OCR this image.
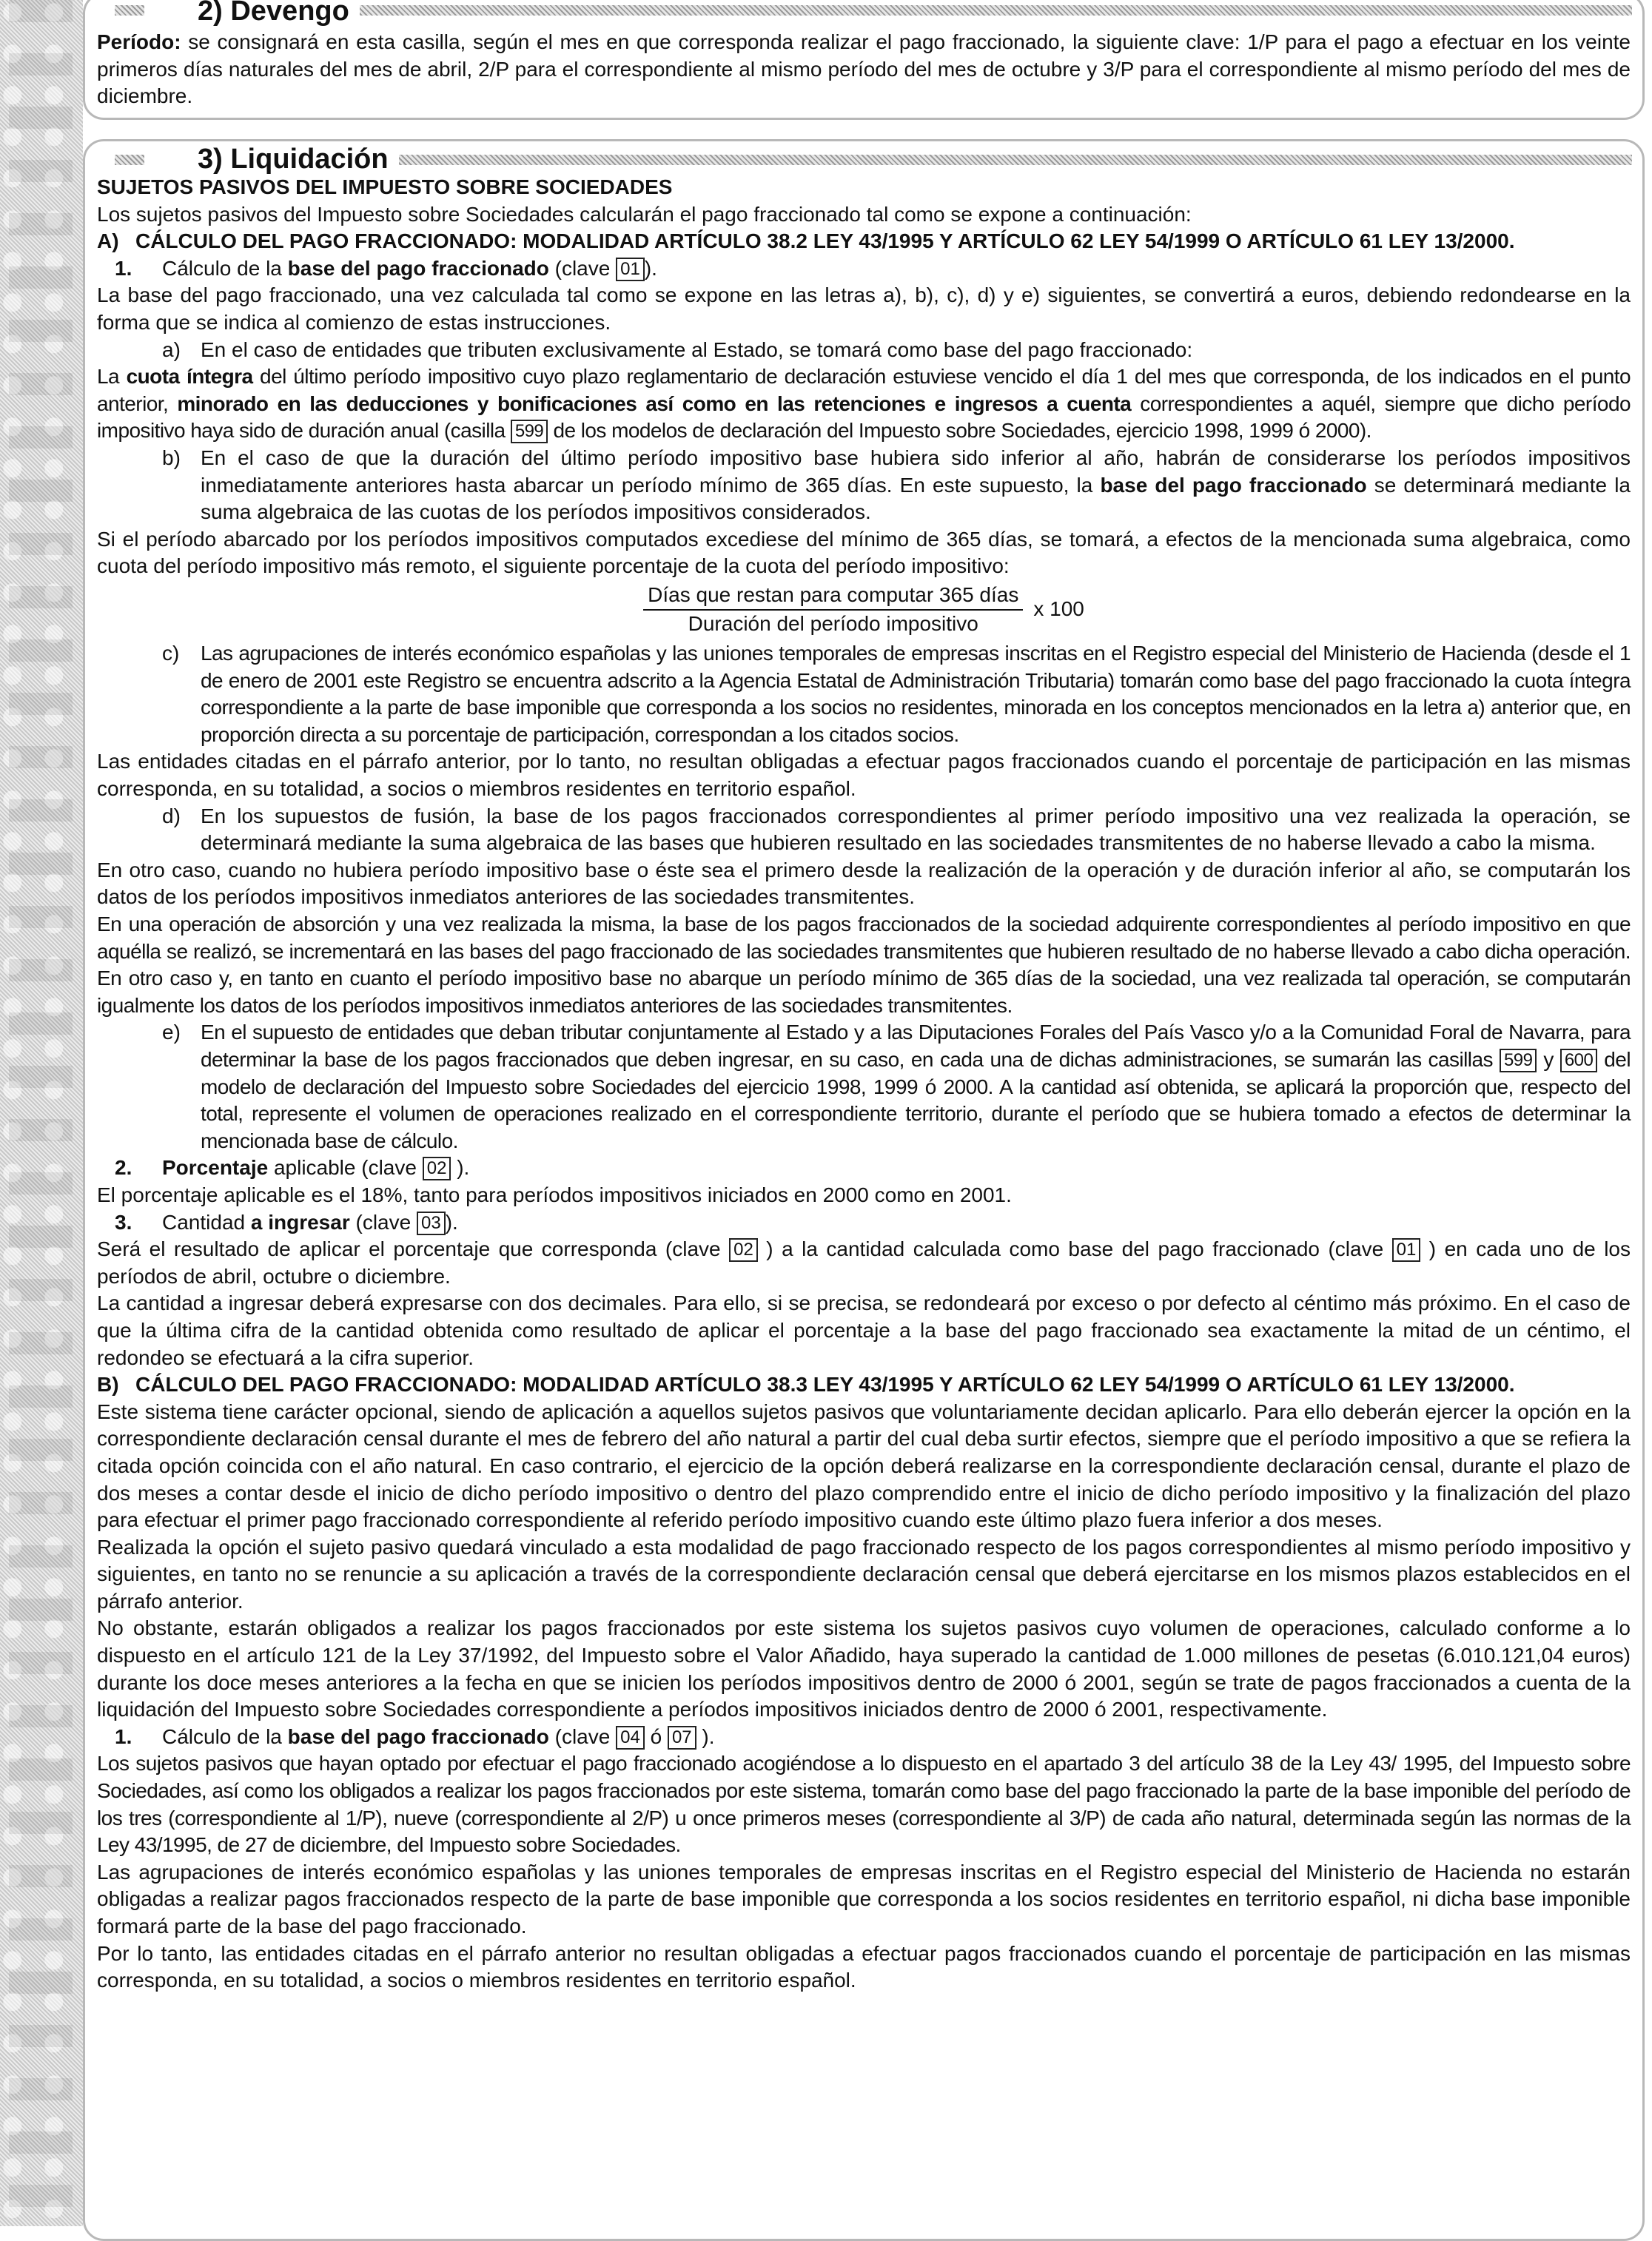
2) Devengo

Período: se consignará en esta casilla, según el mes en que corresponda realizar el pago fraccionado, la siguiente clave: 1/P para el pago a efectuar en los veinte primeros días naturales del mes de abril, 2/P para el correspondiente al mismo período del mes de octubre y 3/P para el correspondiente al mismo período del mes de diciembre.

3) Liquidación

SUJETOS PASIVOS DEL IMPUESTO SOBRE SOCIEDADES

Los sujetos pasivos del Impuesto sobre Sociedades calcularán el pago fraccionado tal como se expone a continuación:

A) CÁLCULO DEL PAGO FRACCIONADO: MODALIDAD ARTÍCULO 38.2 LEY 43/1995 Y ARTÍCULO 62 LEY 54/1999 O ARTÍCULO 61 LEY 13/2000.
1.	Cálculo de la base del pago fraccionado (clave 01 ).

La base del pago fraccionado, una vez calculada tal como se expone en las letras a), b), c), d) y e) siguientes, se convertirá a euros, debiendo redondearse en la forma que se indica al comienzo de estas instrucciones.

a) En el caso de entidades que tributen exclusivamente al Estado, se tomará como base del pago fraccionado:

La cuota íntegra del último período impositivo cuyo plazo reglamentario de declaración estuviese vencido el día 1 del mes que corresponda, de los indicados en el punto anterior, minorado en las deducciones y bonificaciones así como en las retenciones e ingresos a cuenta correspondientes a aquél, siempre que dicho período impositivo haya sido de duración anual (casilla 599 de los modelos de declaración del Impuesto sobre Sociedades, ejercicio 1998, 1999 ó 2000).

b) En el caso de que la duración del último período impositivo base hubiera sido inferior al año, habrán de considerarse los períodos impositivos inmediatamente anteriores hasta abarcar un período mínimo de 365 días. En este supuesto, la base del pago fraccionado se determinará mediante la suma algebraica de las cuotas de los períodos impositivos considerados.

Si el período abarcado por los períodos impositivos computados excediese del mínimo de 365 días, se tomará, a efectos de la mencionada suma algebraica, como cuota del período impositivo más remoto, el siguiente porcentaje de la cuota del período impositivo:

$\frac{\text{Días que restan para computar 365 días}}{\text{Duración del período impositivo}}$ x 100
c)	Las agrupaciones de interés económico españolas y las uniones temporales de empresas inscritas en el Registro especial del Ministerio de Hacienda (desde el 1 de enero de 2001 este Registro se encuentra adscrito a la Agencia Estatal de Administración Tributaria) tomarán como base del pago fraccionado la cuota íntegra correspondiente a la parte de base imponible que corresponda a los socios no residentes, minorada en los conceptos mencionados en la letra a) anterior que, en proporción directa a su porcentaje de participación, correspondan a los citados socios.

Las entidades citadas en el párrafo anterior, por lo tanto, no resultan obligadas a efectuar pagos fraccionados cuando el porcentaje de participación en las mismas corresponda, en su totalidad, a socios o miembros residentes en territorio español.

d) En los supuestos de fusión, la base de los pagos fraccionados correspondientes al primer período impositivo una vez realizada la operación, se determinará mediante la suma algebraica de las bases que hubieren resultado en las sociedades transmitentes de no haberse llevado a cabo la misma.

En otro caso, cuando no hubiera período impositivo base o éste sea el primero desde la realización de la operación y de duración inferior al año, se computarán los datos de los períodos impositivos inmediatos anteriores de las sociedades transmitentes.

En una operación de absorción y una vez realizada la misma, la base de los pagos fraccionados de la sociedad adquirente correspondientes al período impositivo en que aquélla se realizó, se incrementará en las bases del pago fraccionado de las sociedades transmitentes que hubieren resultado de no haberse llevado a cabo dicha operación. En otro caso y, en tanto en cuanto el período impositivo base no abarque un período mínimo de 365 días de la sociedad, una vez realizada tal operación, se computarán igualmente los datos de los períodos impositivos inmediatos anteriores de las sociedades transmitentes.

e) En el supuesto de entidades que deban tributar conjuntamente al Estado y a las Diputaciones Forales del País Vasco y/o a la Comunidad Foral de Navarra, para determinar la base de los pagos fraccionados que deben ingresar, en su caso, en cada una de dichas administraciones, se sumarán las casillas 599 y 600 del modelo de declaración del Impuesto sobre Sociedades del ejercicio 1998, 1999 ó 2000. A la cantidad así obtenida, se aplicará la proporción que, respecto del total, represente el volumen de operaciones realizado en el correspondiente territorio, durante el período que se hubiera tomado a efectos de determinar la mencionada base de cálculo.
2.	Porcentaje aplicable (clave 02 ).

El porcentaje aplicable es el 18%, tanto para períodos impositivos iniciados en 2000 como en 2001.

3.	Cantidad a ingresar (clave 03 ).

Será el resultado de aplicar el porcentaje que corresponda (clave 02 ) a la cantidad calculada como base del pago fraccionado (clave 01 ) en cada uno de los períodos de abril, octubre o diciembre.

La cantidad a ingresar deberá expresarse con dos decimales. Para ello, si se precisa, se redondeará por exceso o por defecto al céntimo más próximo. En el caso de que la última cifra de la cantidad obtenida como resultado de aplicar el porcentaje a la base del pago fraccionado sea exactamente la mitad de un céntimo, el redondeo se efectuará a la cifra superior.

B) CÁLCULO DEL PAGO FRACCIONADO: MODALIDAD ARTÍCULO 38.3 LEY 43/1995 Y ARTÍCULO 62 LEY 54/1999 O ARTÍCULO 61 LEY 13/2000.

Este sistema tiene carácter opcional, siendo de aplicación a aquellos sujetos pasivos que voluntariamente decidan aplicarlo. Para ello deberán ejercer la opción en la correspondiente declaración censal durante el mes de febrero del año natural a partir del cual deba surtir efectos, siempre que el período impositivo a que se refiera la citada opción coincida con el año natural. En caso contrario, el ejercicio de la opción deberá realizarse en la correspondiente declaración censal, durante el plazo de dos meses a contar desde el inicio de dicho período impositivo o dentro del plazo comprendido entre el inicio de dicho período impositivo y la finalización del plazo para efectuar el primer pago fraccionado correspondiente al referido período impositivo cuando este último plazo fuera inferior a dos meses.

Realizada la opción el sujeto pasivo quedará vinculado a esta modalidad de pago fraccionado respecto de los pagos correspondientes al mismo período impositivo y siguientes, en tanto no se renuncie a su aplicación a través de la correspondiente declaración censal que deberá ejercitarse en los mismos plazos establecidos en el párrafo anterior.

No obstante, estarán obligados a realizar los pagos fraccionados por este sistema los sujetos pasivos cuyo volumen de operaciones, calculado conforme a lo dispuesto en el artículo 121 de la Ley 37/1992, del Impuesto sobre el Valor Añadido, haya superado la cantidad de 1.000 millones de pesetas (6.010.121,04 euros) durante los doce meses anteriores a la fecha en que se inicien los períodos impositivos dentro de 2000 ó 2001, según se trate de pagos fraccionados a cuenta de la liquidación del Impuesto sobre Sociedades correspondiente a períodos impositivos iniciados dentro de 2000 ó 2001, respectivamente.

1.	Cálculo de la base del pago fraccionado (clave 04 ó 07 ).

Los sujetos pasivos que hayan optado por efectuar el pago fraccionado acogiéndose a lo dispuesto en el apartado 3 del artículo 38 de la Ley 43/ 1995, del Impuesto sobre Sociedades, así como los obligados a realizar los pagos fraccionados por este sistema, tomarán como base del pago fraccionado la parte de la base imponible del período de los tres (correspondiente al 1/P), nueve (correspondiente al 2/P) u once primeros meses (correspondiente al 3/P) de cada año natural, determinada según las normas de la Ley 43/1995, de 27 de diciembre, del Impuesto sobre Sociedades.

Las agrupaciones de interés económico españolas y las uniones temporales de empresas inscritas en el Registro especial del Ministerio de Hacienda no estarán obligadas a realizar pagos fraccionados respecto de la parte de base imponible que corresponda a los socios residentes en territorio español, ni dicha base imponible formará parte de la base del pago fraccionado.

Por lo tanto, las entidades citadas en el párrafo anterior no resultan obligadas a efectuar pagos fraccionados cuando el porcentaje de participación en las mismas corresponda, en su totalidad, a socios o miembros residentes en territorio español.
